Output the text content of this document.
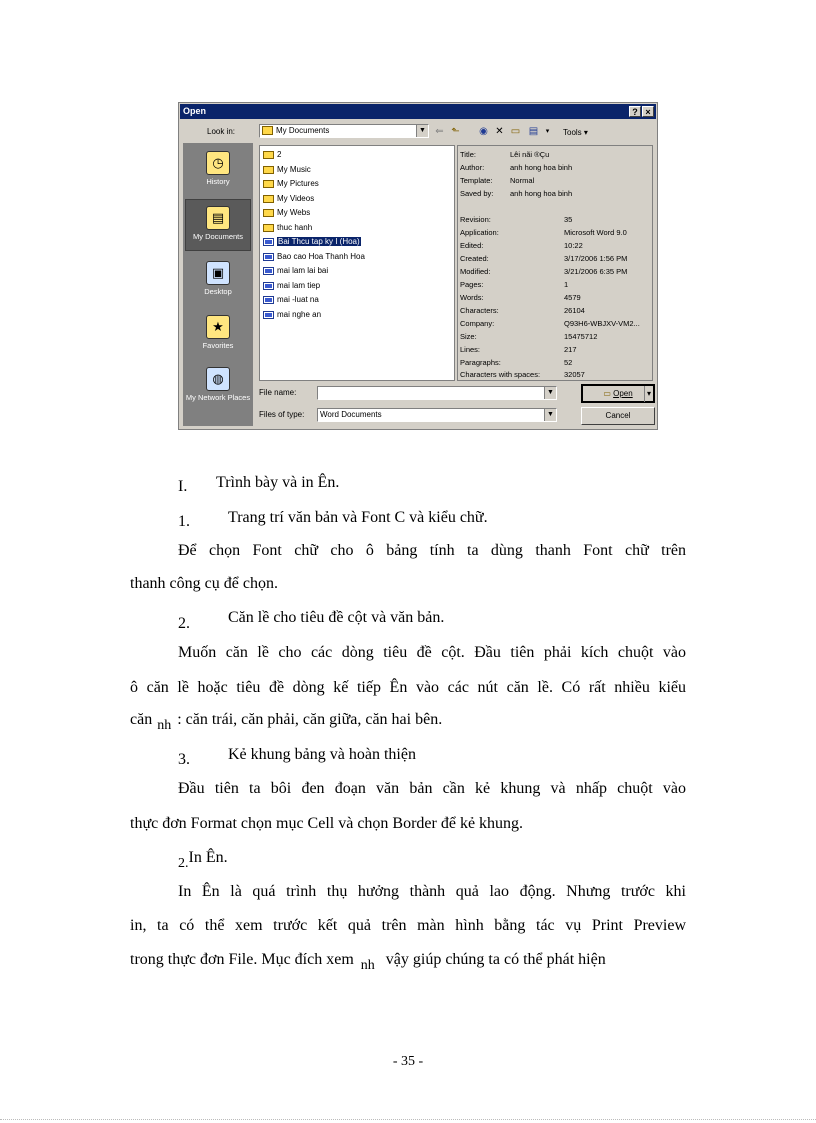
Open	? ×
Look in:	My Documents	▼ ⇐ ⬑ ◉ ✕ ▭ ▤	▾	Tools ▾
◷
History
▤
My Documents
▣
Desktop
★
Favorites
◍
My Network Places
2
My Music
My Pictures
My Videos
My Webs
thuc hanh
Bai Thcu tap ky I (Hoa)
Bao cao Hoa Thanh Hoa
mai lam lai bai
mai lam tiep
mai -luat na
mai nghe an
Title:	Lêi nãi ®Çu
Author:	anh hong hoa binh
Template: Normal
Saved by: anh hong hoa binh
Revision:	35
Application:	Microsoft Word 9.0
Edited:	10:22
Created:	3/17/2006 1:56 PM
Modified:	3/21/2006 6:35 PM
Pages:	1
Words:	4579
Characters:	26104
Company:	Q93H6-WBJXV-VM2...
Size:	15475712
Lines:	217
Paragraphs:	52
Characters with spaces:	32057
File name:	▼
Files of type:	Word Documents	▼
▭ Open	▾
Cancel
I. Trình bày và in Ên.
1. Trang trí văn bản và Font C và kiểu chữ.
Để chọn Font chữ cho ô bảng tính ta dùng thanh Font chữ trên
thanh công cụ để chọn.
2. Căn lề cho tiêu đề cột và văn bản.
Muốn căn lề cho các dòng tiêu đề cột. Đầu tiên phải kích chuột vào
ô căn lề hoặc tiêu đề dòng kế tiếp Ên vào các nút căn lề. Có rất nhiều kiểu
căn nh : căn trái, căn phải, căn giữa, căn hai bên.
3. Kẻ khung bảng và hoàn thiện
Đầu tiên ta bôi đen đoạn văn bản cần kẻ khung và nhấp chuột vào
thực đơn Format chọn mục Cell và chọn Border để kẻ khung.
2.In Ên.
In Ên là quá trình thụ hưởng thành quả lao động. Nhưng trước khi
in, ta có thể xem trước kết quả trên màn hình bằng tác vụ Print Preview
trong thực đơn File. Mục đích xem nh vậy giúp chúng ta có thể phát hiện
- 35 -
